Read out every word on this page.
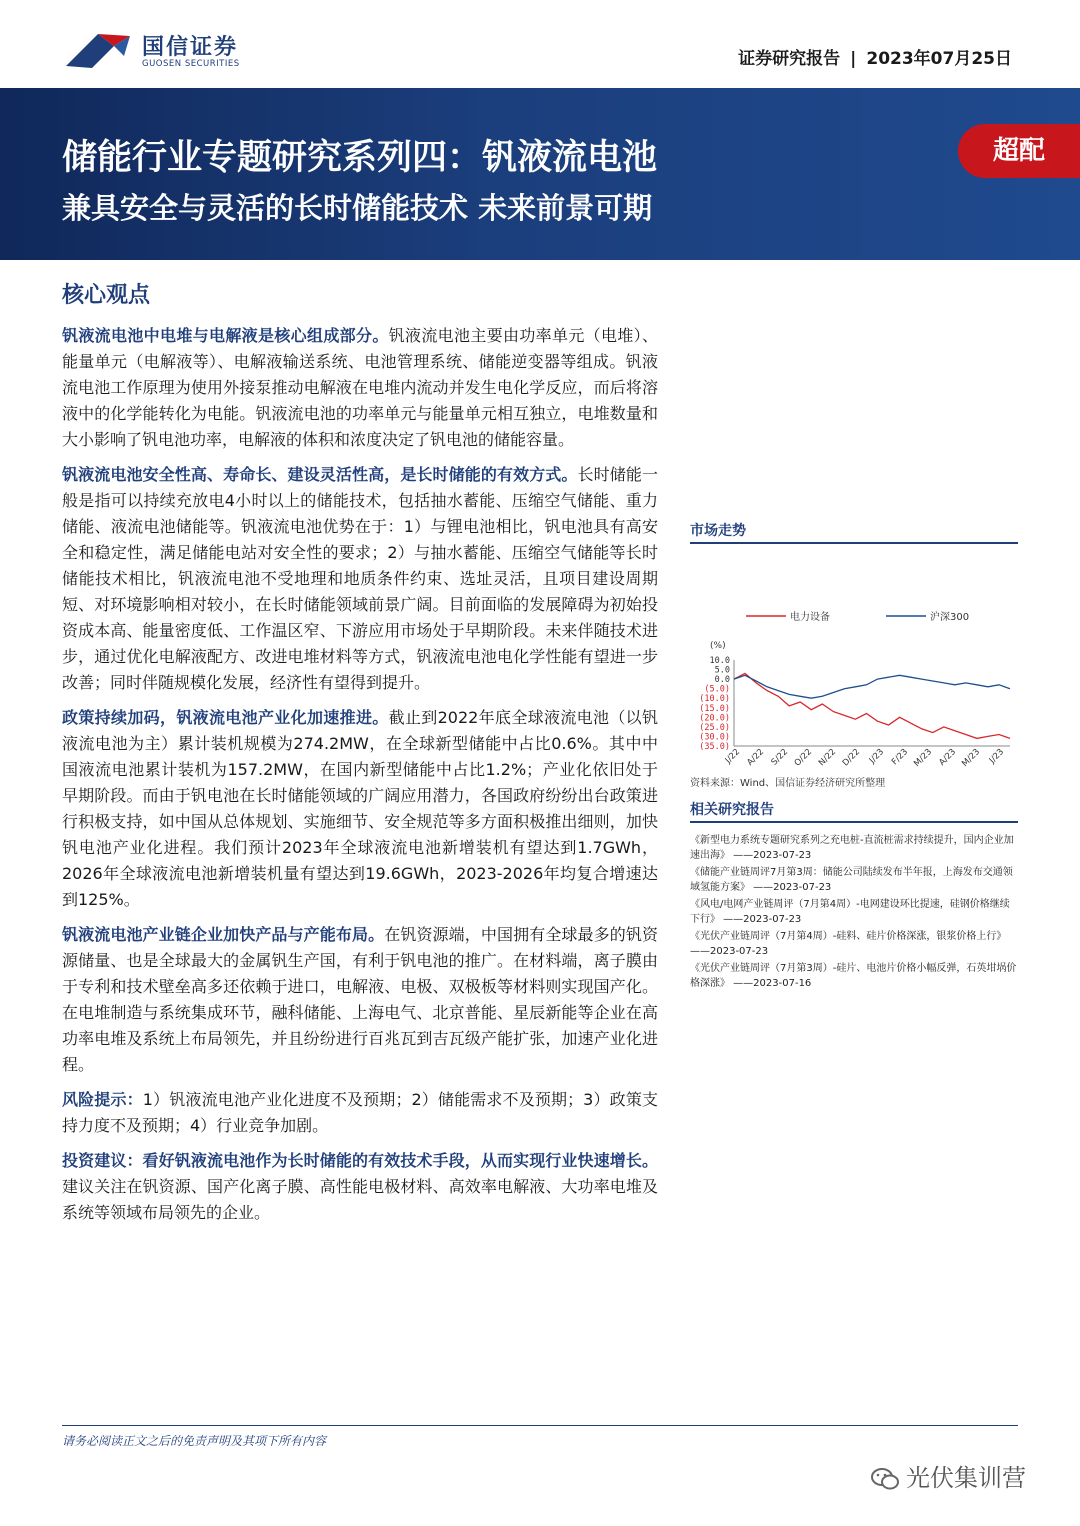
国信证券
GUOSEN SECURITIES	证券研究报告 | 2023年07月25日
储能行业专题研究系列四：钒液流电池
兼具安全与灵活的长时储能技术 未来前景可期
超配
核心观点

钒液流电池中电堆与电解液是核心组成部分。钒液流电池主要由功率单元（电堆）、能量单元（电解液等）、电解液输送系统、电池管理系统、储能逆变器等组成。钒液流电池工作原理为使用外接泵推动电解液在电堆内流动并发生电化学反应，而后将溶液中的化学能转化为电能。钒液流电池的功率单元与能量单元相互独立，电堆数量和大小影响了钒电池功率，电解液的体积和浓度决定了钒电池的储能容量。

钒液流电池安全性高、寿命长、建设灵活性高，是长时储能的有效方式。长时储能一般是指可以持续充放电4小时以上的储能技术，包括抽水蓄能、压缩空气储能、重力储能、液流电池储能等。钒液流电池优势在于：1）与锂电池相比，钒电池具有高安全和稳定性，满足储能电站对安全性的要求；2）与抽水蓄能、压缩空气储能等长时储能技术相比，钒液流电池不受地理和地质条件约束、选址灵活，且项目建设周期短、对环境影响相对较小，在长时储能领域前景广阔。目前面临的发展障碍为初始投资成本高、能量密度低、工作温区窄、下游应用市场处于早期阶段。未来伴随技术进步，通过优化电解液配方、改进电堆材料等方式，钒液流电池电化学性能有望进一步改善；同时伴随规模化发展，经济性有望得到提升。

政策持续加码，钒液流电池产业化加速推进。截止到2022年底全球液流电池（以钒液流电池为主）累计装机规模为274.2MW，在全球新型储能中占比0.6%。其中中国液流电池累计装机为157.2MW，在国内新型储能中占比1.2%；产业化依旧处于早期阶段。而由于钒电池在长时储能领域的广阔应用潜力，各国政府纷纷出台政策进行积极支持，如中国从总体规划、实施细节、安全规范等多方面积极推出细则，加快钒电池产业化进程。我们预计2023年全球液流电池新增装机有望达到1.7GWh，2026年全球液流电池新增装机量有望达到19.6GWh，2023-2026年均复合增速达到125%。

钒液流电池产业链企业加快产品与产能布局。在钒资源端，中国拥有全球最多的钒资源储量、也是全球最大的金属钒生产国，有利于钒电池的推广。在材料端，离子膜由于专利和技术壁垒高多还依赖于进口，电解液、电极、双极板等材料则实现国产化。在电堆制造与系统集成环节，融科储能、上海电气、北京普能、星辰新能等企业在高功率电堆及系统上布局领先，并且纷纷进行百兆瓦到吉瓦级产能扩张，加速产业化进程。

风险提示：1）钒液流电池产业化进度不及预期；2）储能需求不及预期；3）政策支持力度不及预期；4）行业竞争加剧。

投资建议：看好钒液流电池作为长时储能的有效技术手段，从而实现行业快速增长。建议关注在钒资源、国产化离子膜、高性能电极材料、高效率电解液、大功率电堆及系统等领域布局领先的企业。

市场走势
电力设备	沪深300
(%)
10.0
5.0
0.0
(5.0)
(10.0)
(15.0)
(20.0)
(25.0)
(30.0)
(35.0)
J/22 A/22 S/22 O/22 N/22 D/22 J/23 F/23 M/23 A/23 M/23 J/23
资料来源：Wind、国信证券经济研究所整理
相关研究报告
《新型电力系统专题研究系列之充电桩-直流桩需求持续提升，国内企业加速出海》 ——2023-07-23
《储能产业链周评7月第3周：储能公司陆续发布半年报，上海发布交通领域氢能方案》 ——2023-07-23
《风电/电网产业链周评（7月第4周）-电网建设环比提速，硅钢价格继续下行》 ——2023-07-23
《光伏产业链周评（7月第4周）-硅料、硅片价格深涨，银浆价格上行》 ——2023-07-23
《光伏产业链周评（7月第3周）-硅片、电池片价格小幅反弹，石英坩埚价格深涨》 ——2023-07-16
请务必阅读正文之后的免责声明及其项下所有内容
光伏集训营
